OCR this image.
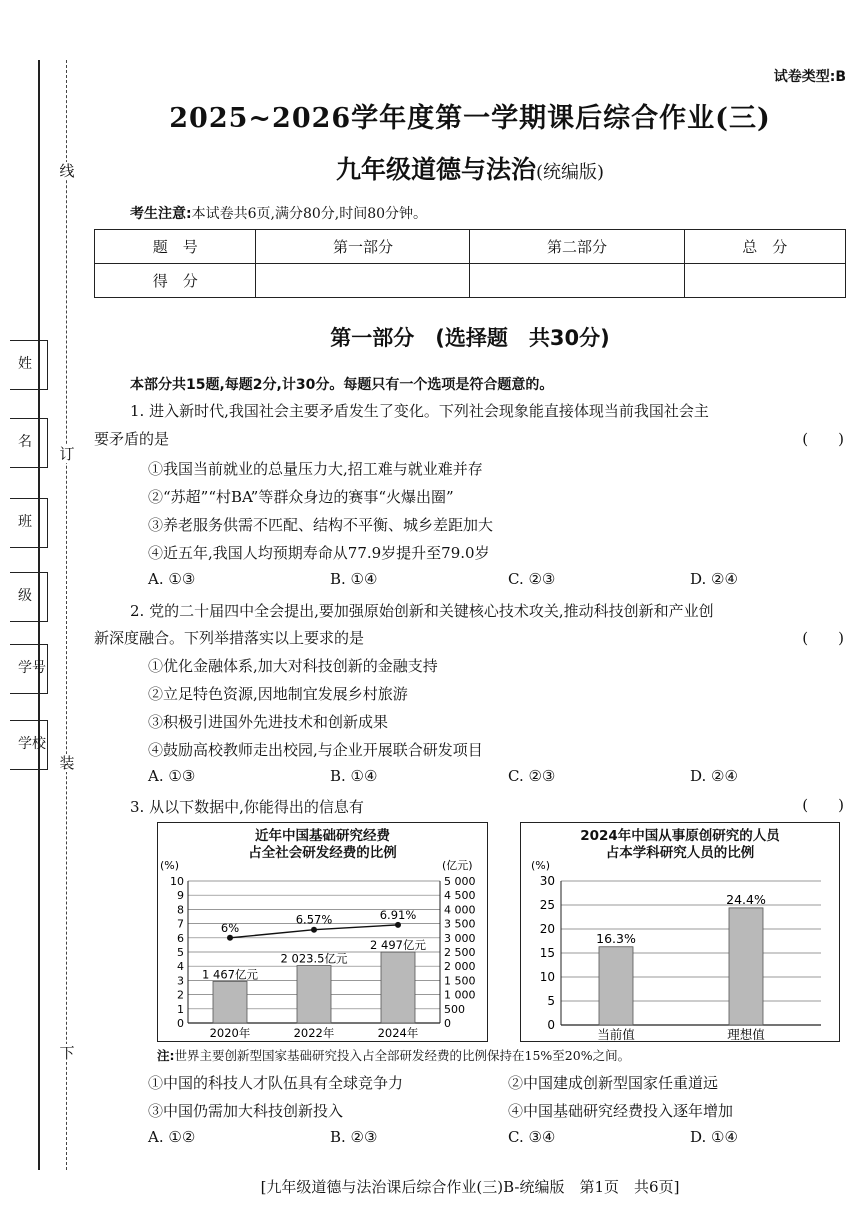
线
订
装
下
姓
名
班
级
学号
学校
试卷类型:B
2025~2026学年度第一学期课后综合作业(三)
九年级道德与法治(统编版)
考生注意:本试卷共6页,满分80分,时间80分钟。
题　号	第一部分	第二部分	总　分
得　分			
第一部分　(选择题　共30分)
本部分共15题,每题2分,计30分。每题只有一个选项是符合题意的。
1. 进入新时代,我国社会主要矛盾发生了变化。下列社会现象能直接体现当前我国社会主
要矛盾的是	(　　)
①我国当前就业的总量压力大,招工难与就业难并存
②“苏超”“村BA”等群众身边的赛事“火爆出圈”
③养老服务供需不匹配、结构不平衡、城乡差距加大
④近五年,我国人均预期寿命从77.9岁提升至79.0岁
A. ①③	B. ①④	C. ②③	D. ②④
2. 党的二十届四中全会提出,要加强原始创新和关键核心技术攻关,推动科技创新和产业创
新深度融合。下列举措落实以上要求的是	(　　)
①优化金融体系,加大对科技创新的金融支持
②立足特色资源,因地制宜发展乡村旅游
③积极引进国外先进技术和创新成果
④鼓励高校教师走出校园,与企业开展联合研发项目
A. ①③	B. ①④	C. ②③	D. ②④
3. 从以下数据中,你能得出的信息有	(　　)
近年中国基础研究经费
占全社会研发经费的比例
(%)	(亿元)
0
1
2
3
4
5
6
7
8
9
10
0
500
1 000
1 500
2 000
2 500
3 000
3 500
4 000
4 500
5 000
1 467亿元
2020年
2 023.5亿元
2022年
2 497亿元
2024年
6%
6.57%	6.91%
2024年中国从事原创研究的人员
占本学科研究人员的比例
(%)
0
5
10
15
20
25
30
16.3%
当前值
24.4%
理想值
注:世界主要创新型国家基础研究投入占全部研发经费的比例保持在15%至20%之间。
①中国的科技人才队伍具有全球竞争力	②中国建成创新型国家任重道远
③中国仍需加大科技创新投入	④中国基础研究经费投入逐年增加
A. ①②	B. ②③	C. ③④	D. ①④
[九年级道德与法治课后综合作业(三)B-统编版　第1页　共6页]
